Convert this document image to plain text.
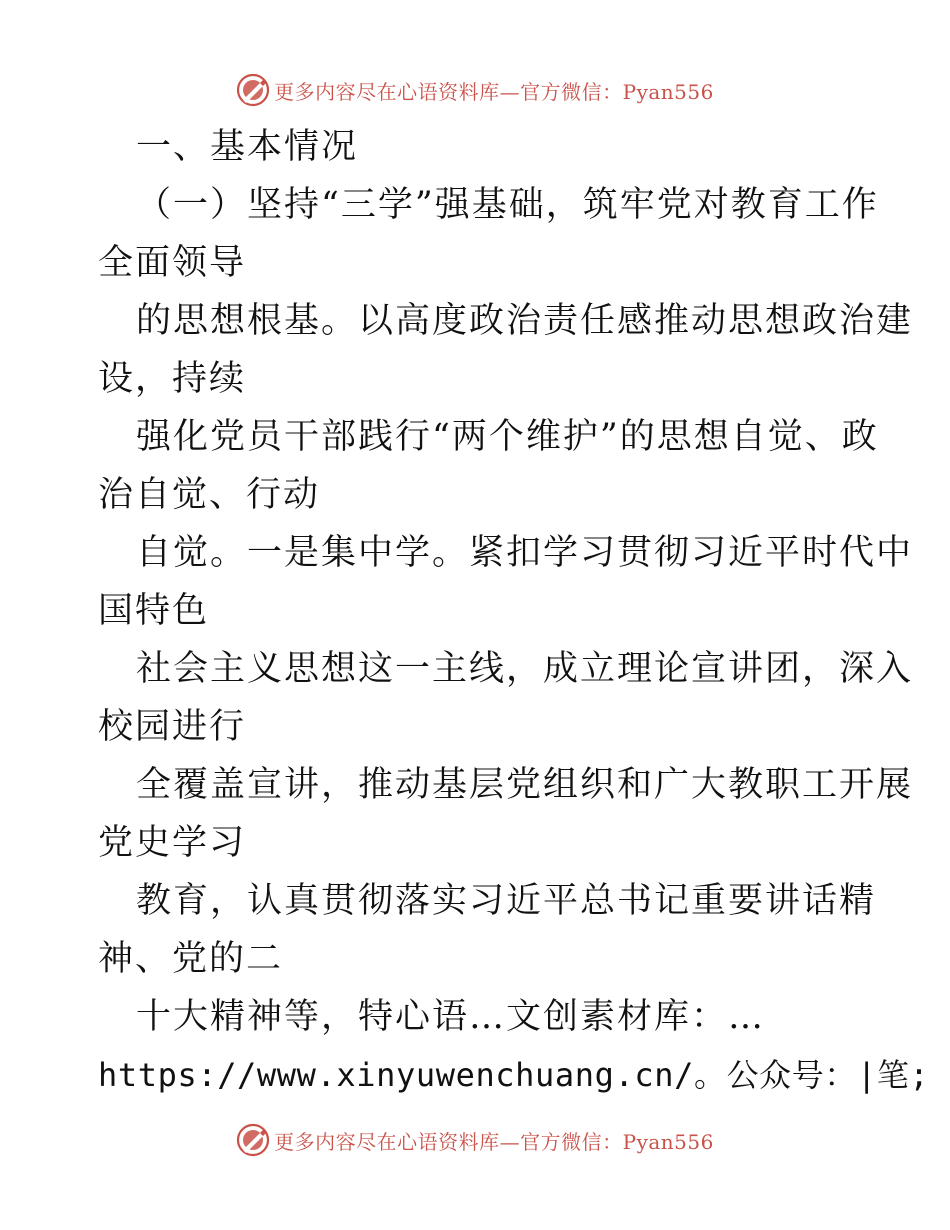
更多内容尽在心语资料库—官方微信：Pyan556
一、基本情况
（一）坚持“三学”强基础，筑牢党对教育工作
全面领导
的思想根基。以高度政治责任感推动思想政治建
设，持续
强化党员干部践行“两个维护”的思想自觉、政
治自觉、行动
自觉。一是集中学。紧扣学习贯彻习近平时代中
国特色
社会主义思想这一主线，成立理论宣讲团，深入
校园进行
全覆盖宣讲，推动基层党组织和广大教职工开展
党史学习
教育，认真贯彻落实习近平总书记重要讲话精
神、党的二
十大精神等，特心语…文创素材库：…
https://www.xinyuwenchuang.cn/。公众号：|笔;
更多内容尽在心语资料库—官方微信：Pyan556
